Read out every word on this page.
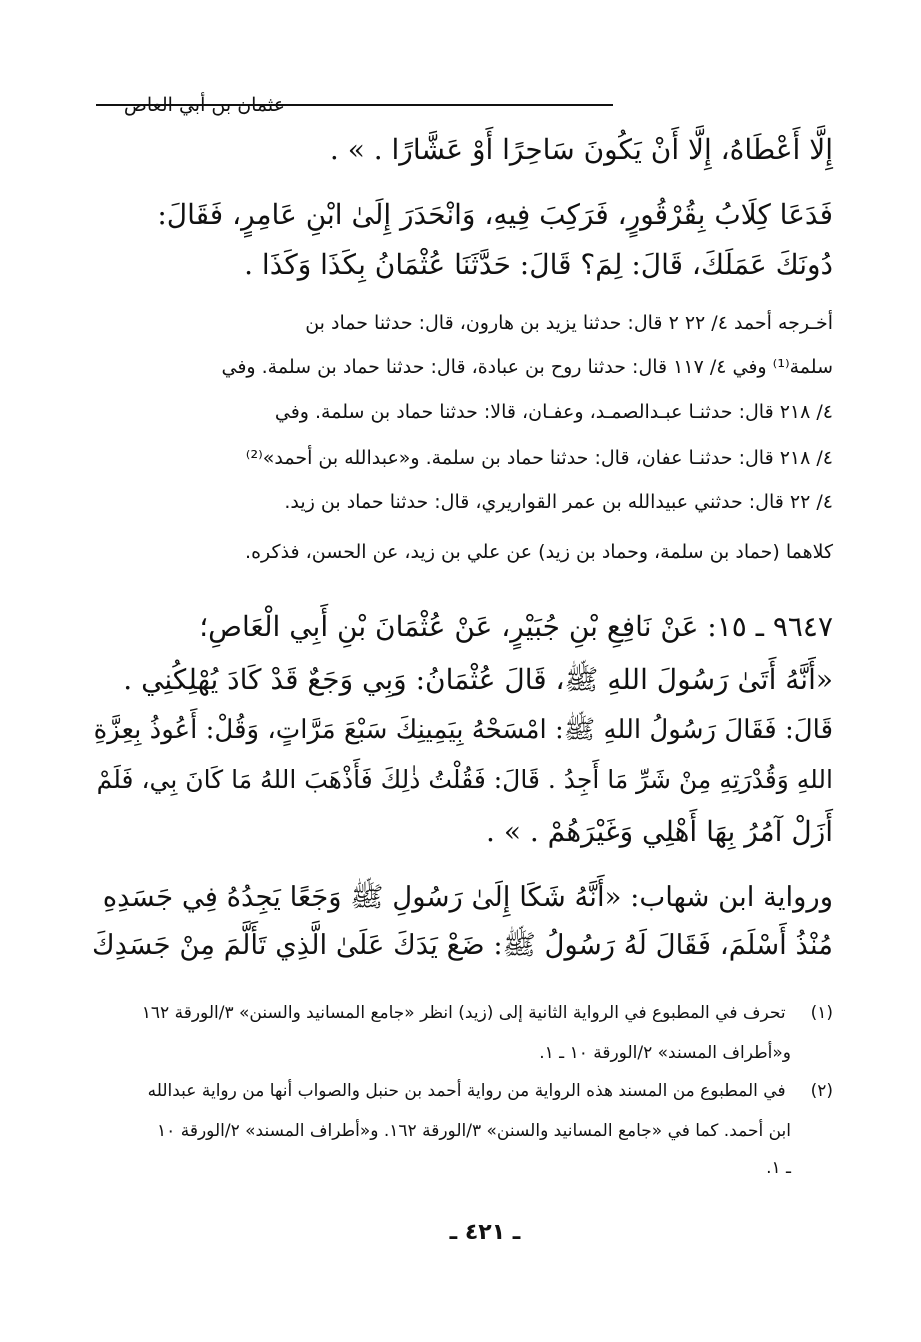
عثمان بن أبي العاص
إِلَّا أَعْطَاهُ، إِلَّا أَنْ يَكُونَ سَاحِرًا أَوْ عَشَّارًا . » .
فَدَعَا كِلَابُ بِقُرْقُورٍ، فَرَكِبَ فِيهِ، وَانْحَدَرَ إِلَىٰ ابْنِ عَامِرٍ، فَقَالَ:
دُونَكَ عَمَلَكَ، قَالَ: لِمَ؟ قَالَ: حَدَّثَنَا عُثْمَانُ بِكَذَا وَكَذَا .
أخـرجه أحمد ٤/ ٢٢ ٢ قال: حدثنا يزيد بن هارون، قال: حدثنا حماد بن
سلمة⁽¹⁾ وفي ٤/ ١١٧ قال: حدثنا روح بن عبادة، قال: حدثنا حماد بن سلمة. وفي
٤/ ٢١٨ قال: حدثنـا عبـدالصمـد، وعفـان، قالا: حدثنا حماد بن سلمة. وفي
٤/ ٢١٨ قال: حدثنـا عفان، قال: حدثنا حماد بن سلمة. و«عبدالله بن أحمد»⁽²⁾
٤/ ٢٢ قال: حدثني عبيدالله بن عمر القواريري، قال: حدثنا حماد بن زيد.
كلاهما (حماد بن سلمة، وحماد بن زيد) عن علي بن زيد، عن الحسن، فذكره.
٩٦٤٧ ـ ١٥: عَنْ نَافِعِ بْنِ جُبَيْرٍ، عَنْ عُثْمَانَ بْنِ أَبِي الْعَاصِ؛
«أَنَّهُ أَتَىٰ رَسُولَ اللهِ ﷺ، قَالَ عُثْمَانُ: وَبِي وَجَعٌ قَدْ كَادَ يُهْلِكُنِي .
قَالَ: فَقَالَ رَسُولُ اللهِ ﷺ: امْسَحْهُ بِيَمِينِكَ سَبْعَ مَرَّاتٍ، وَقُلْ: أَعُوذُ بِعِزَّةِ
اللهِ وَقُدْرَتِهِ مِنْ شَرِّ مَا أَجِدُ . قَالَ: فَقُلْتُ ذٰلِكَ فَأَذْهَبَ اللهُ مَا كَانَ بِي، فَلَمْ
أَزَلْ آمُرُ بِهَا أَهْلِي وَغَيْرَهُمْ . » .
ورواية ابن شهاب: «أَنَّهُ شَكَا إِلَىٰ رَسُولِ ﷺ وَجَعًا يَجِدُهُ فِي جَسَدِهِ
مُنْذُ أَسْلَمَ، فَقَالَ لَهُ رَسُولُ ﷺ: ضَعْ يَدَكَ عَلَىٰ الَّذِي تَأَلَّمَ مِنْ جَسَدِكَ
(١) تحرف في المطبوع في الرواية الثانية إلى (زيد) انظر «جامع المسانيد والسنن» ٣/الورقة ١٦٢
و«أطراف المسند» ٢/الورقة ١٠ ـ ١.
(٢) في المطبوع من المسند هذه الرواية من رواية أحمد بن حنبل والصواب أنها من رواية عبدالله
ابن أحمد. كما في «جامع المسانيد والسنن» ٣/الورقة ١٦٢. و«أطراف المسند» ٢/الورقة ١٠
ـ ١.
ـ ٤٢١ ـ
